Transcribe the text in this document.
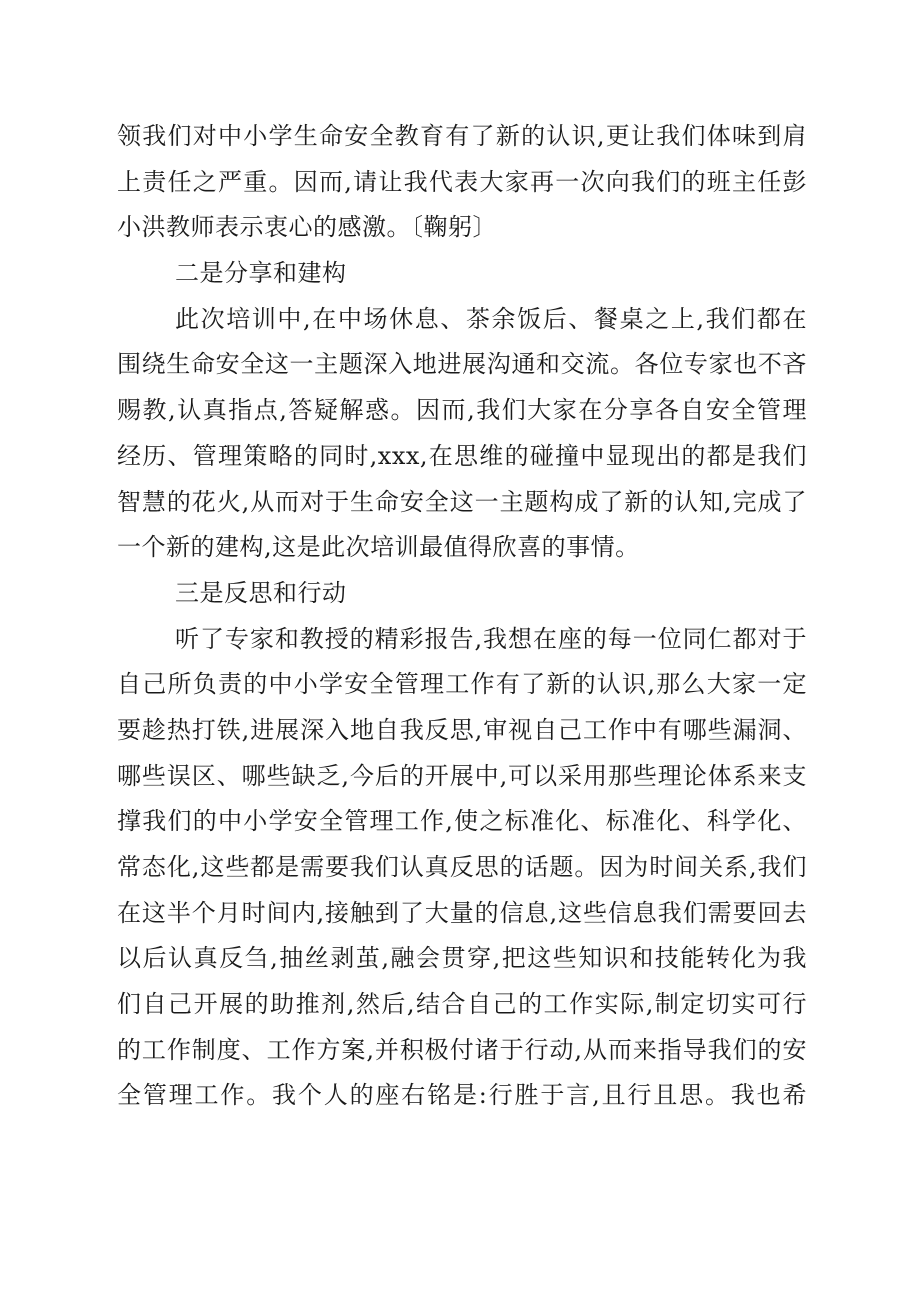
领我们对中小学生命安全教育有了新的认识,更让我们体味到肩
上责任之严重。因而,请让我代表大家再一次向我们的班主任彭
小洪教师表示衷心的感激。〔鞠躬〕
二是分享和建构
此次培训中,在中场休息、茶余饭后、餐桌之上,我们都在
围绕生命安全这一主题深入地进展沟通和交流。各位专家也不吝
赐教,认真指点,答疑解惑。因而,我们大家在分享各自安全管理
经历、管理策略的同时,xxx,在思维的碰撞中显现出的都是我们
智慧的花火,从而对于生命安全这一主题构成了新的认知,完成了
一个新的建构,这是此次培训最值得欣喜的事情。
三是反思和行动
听了专家和教授的精彩报告,我想在座的每一位同仁都对于
自己所负责的中小学安全管理工作有了新的认识,那么大家一定
要趁热打铁,进展深入地自我反思,审视自己工作中有哪些漏洞、
哪些误区、哪些缺乏,今后的开展中,可以采用那些理论体系来支
撑我们的中小学安全管理工作,使之标准化、标准化、科学化、
常态化,这些都是需要我们认真反思的话题。因为时间关系,我们
在这半个月时间内,接触到了大量的信息,这些信息我们需要回去
以后认真反刍,抽丝剥茧,融会贯穿,把这些知识和技能转化为我
们自己开展的助推剂,然后,结合自己的工作实际,制定切实可行
的工作制度、工作方案,并积极付诸于行动,从而来指导我们的安
全管理工作。我个人的座右铭是:行胜于言,且行且思。我也希
